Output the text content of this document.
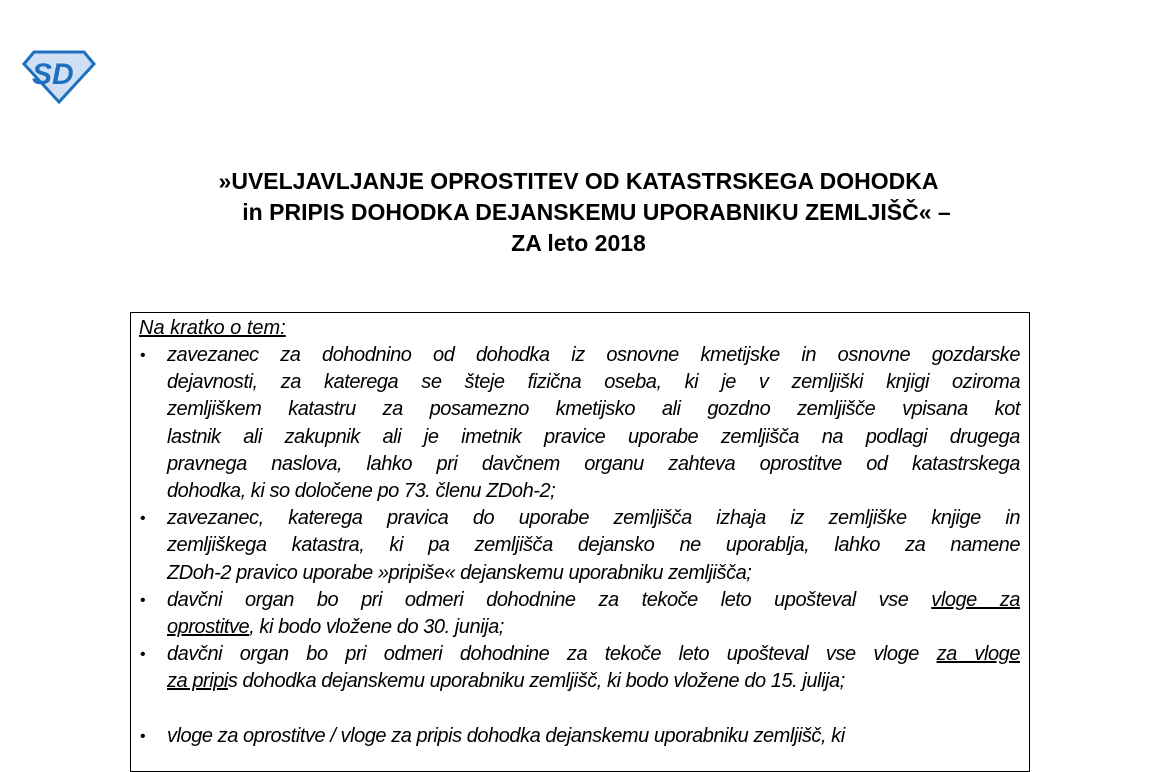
SD
»UVELJAVLJANJE OPROSTITEV OD KATASTRSKEGA DOHODKA
in PRIPIS DOHODKA DEJANSKEMU UPORABNIKU ZEMLJIŠČ« –
ZA leto 2018
Na kratko o tem:
• zavezanec za dohodnino od dohodka iz osnovne kmetijske in osnovne gozdarske
dejavnosti, za katerega se šteje fizična oseba, ki je v zemljiški knjigi oziroma
zemljiškem katastru za posamezno kmetijsko ali gozdno zemljišče vpisana kot
lastnik ali zakupnik ali je imetnik pravice uporabe zemljišča na podlagi drugega
pravnega naslova, lahko pri davčnem organu zahteva oprostitve od katastrskega
dohodka, ki so določene po 73. členu ZDoh-2;
• zavezanec, katerega pravica do uporabe zemljišča izhaja iz zemljiške knjige in
zemljiškega katastra, ki pa zemljišča dejansko ne uporablja, lahko za namene
ZDoh-2 pravico uporabe »pripiše« dejanskemu uporabniku zemljišča;
• davčni organ bo pri odmeri dohodnine za tekoče leto upošteval vse vloge za
oprostitve, ki bodo vložene do 30. junija;
• davčni organ bo pri odmeri dohodnine za tekoče leto upošteval vse vloge za vloge
za pripis dohodka dejanskemu uporabniku zemljišč, ki bodo vložene do 15. julija;
• vloge za oprostitve / vloge za pripis dohodka dejanskemu uporabniku zemljišč, ki
